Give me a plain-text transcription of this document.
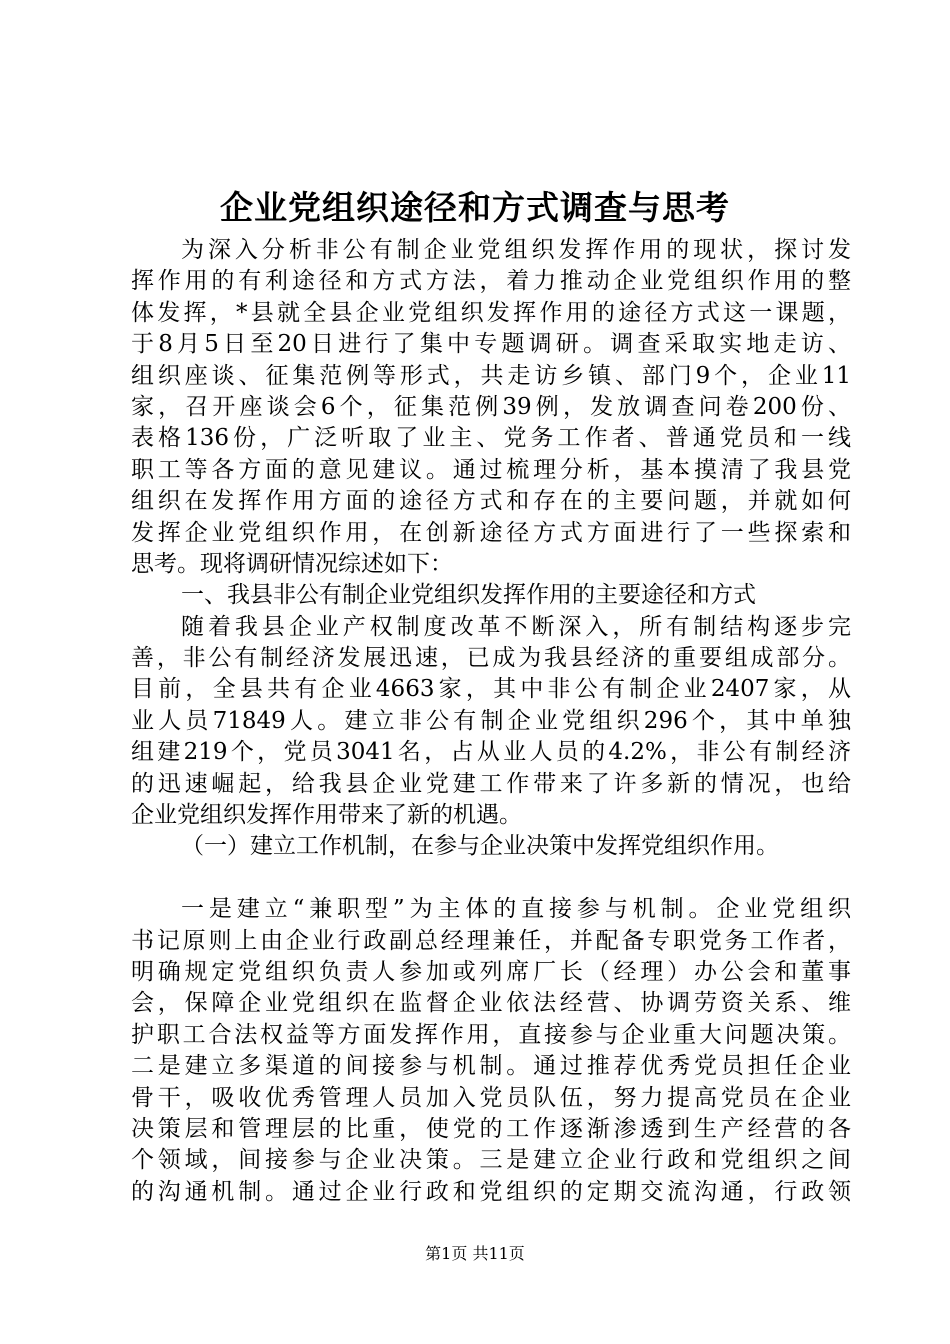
企业党组织途径和方式调查与思考
为深入分析非公有制企业党组织发挥作用的现状，探讨发
挥作用的有利途径和方式方法，着力推动企业党组织作用的整
体发挥，*县就全县企业党组织发挥作用的途径方式这一课题，
于8月5日至20日进行了集中专题调研。调查采取实地走访、
组织座谈、征集范例等形式，共走访乡镇、部门9个，企业11
家，召开座谈会6个，征集范例39例，发放调查问卷200份、
表格136份，广泛听取了业主、党务工作者、普通党员和一线
职工等各方面的意见建议。通过梳理分析，基本摸清了我县党
组织在发挥作用方面的途径方式和存在的主要问题，并就如何
发挥企业党组织作用，在创新途径方式方面进行了一些探索和
思考。现将调研情况综述如下：
一、我县非公有制企业党组织发挥作用的主要途径和方式
随着我县企业产权制度改革不断深入，所有制结构逐步完
善，非公有制经济发展迅速，已成为我县经济的重要组成部分。
目前，全县共有企业4663家，其中非公有制企业2407家，从
业人员71849人。建立非公有制企业党组织296个，其中单独
组建219个，党员3041名，占从业人员的4.2%，非公有制经济
的迅速崛起，给我县企业党建工作带来了许多新的情况，也给
企业党组织发挥作用带来了新的机遇。
（一）建立工作机制，在参与企业决策中发挥党组织作用。
一是建立“兼职型”为主体的直接参与机制。企业党组织
书记原则上由企业行政副总经理兼任，并配备专职党务工作者，
明确规定党组织负责人参加或列席厂长（经理）办公会和董事
会，保障企业党组织在监督企业依法经营、协调劳资关系、维
护职工合法权益等方面发挥作用，直接参与企业重大问题决策。
二是建立多渠道的间接参与机制。通过推荐优秀党员担任企业
骨干，吸收优秀管理人员加入党员队伍，努力提高党员在企业
决策层和管理层的比重，使党的工作逐渐渗透到生产经营的各
个领域，间接参与企业决策。三是建立企业行政和党组织之间
的沟通机制。通过企业行政和党组织的定期交流沟通，行政领
第1页 共11页
